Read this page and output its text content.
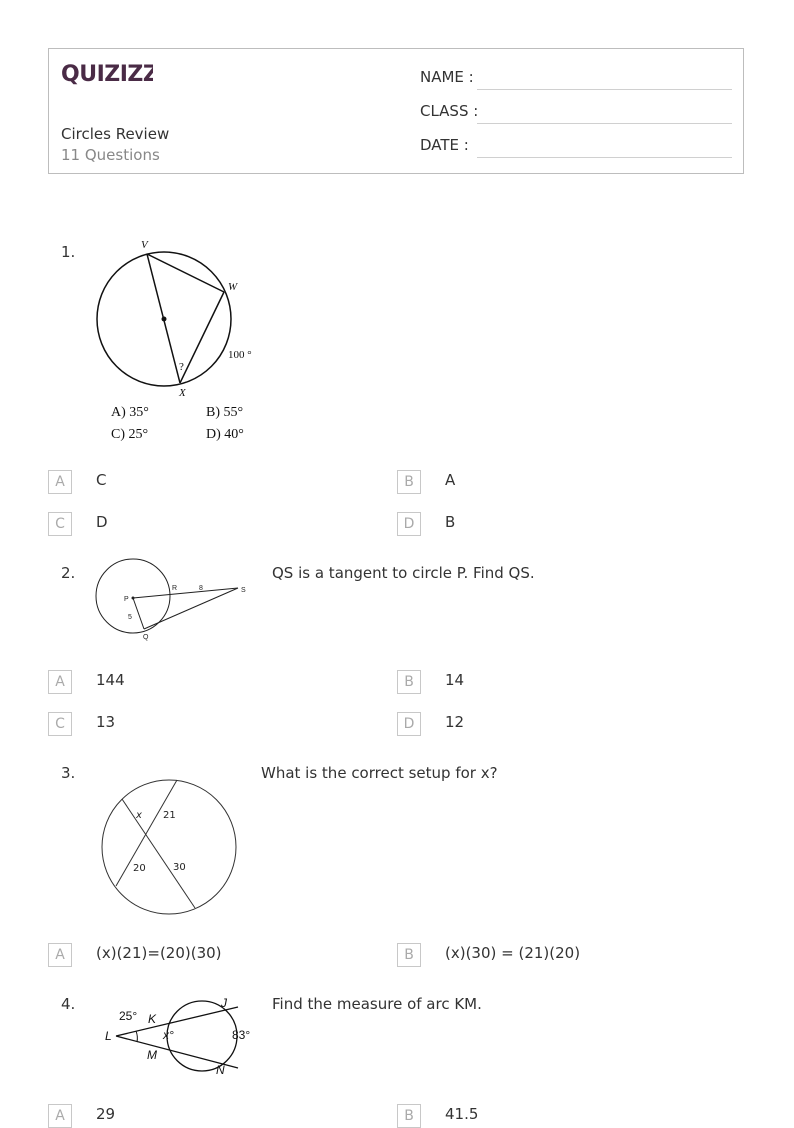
QUIZIZZ
Circles Review
11 Questions
NAME :
CLASS :
DATE :
1.	V
W
X
?
100 °
A) 35°	B) 55°
C) 25°	D) 40°
A	C	B	A
C	D	D	B
2.
P
R	8	S
5
Q
QS is a tangent to circle P. Find QS.
A	144	B	14
C	13	D	12
3.
x 21
20	30
What is the correct setup for x?
A	(x)(21)=(20)(30)	B	(x)(30) = (21)(20)
4.
25° K
J
L	x°	83°
M
N
Find the measure of arc KM.
A	29	B	41.5
